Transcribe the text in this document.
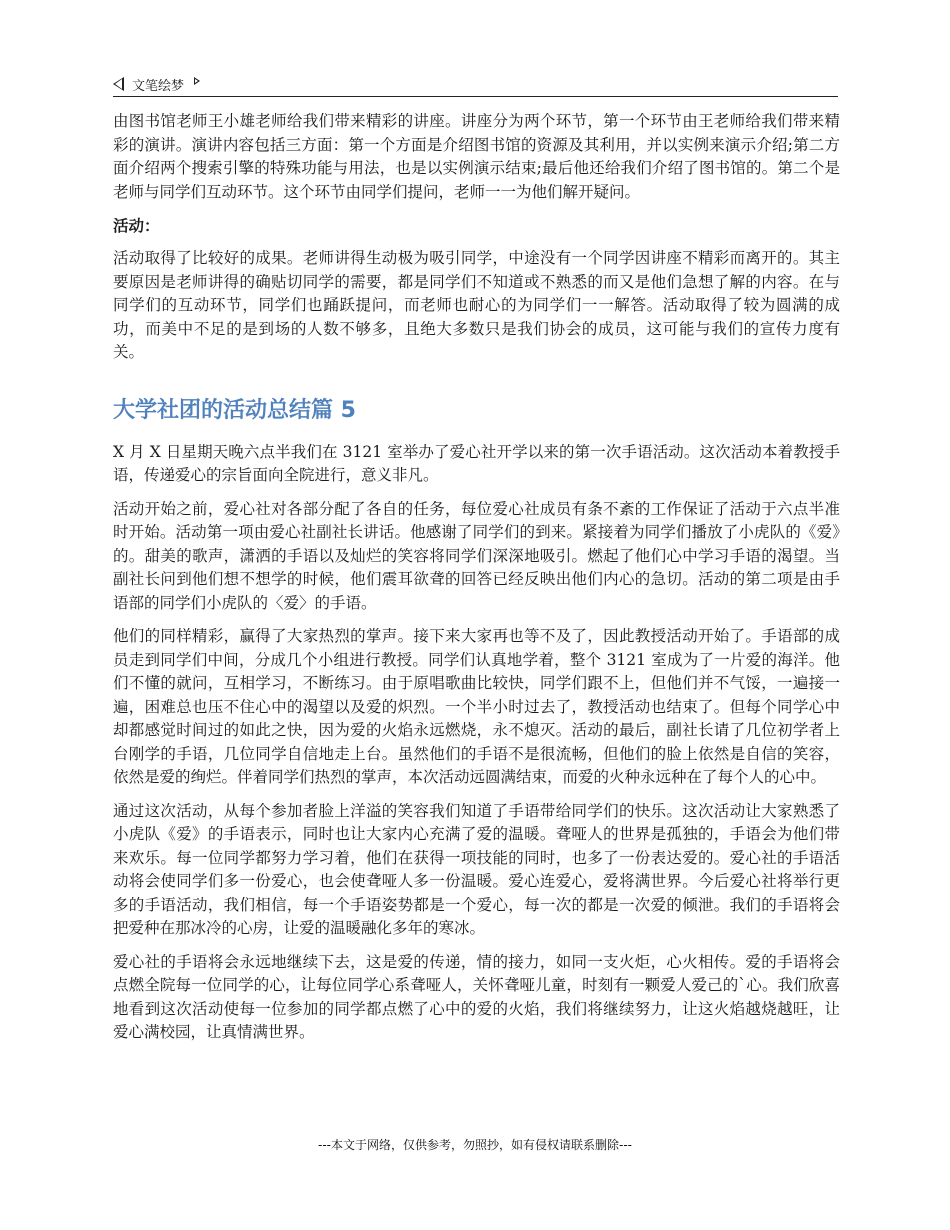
文笔绘梦

由图书馆老师王小雄老师给我们带来精彩的讲座。讲座分为两个环节，第一个环节由王老师给我们带来精彩的演讲。演讲内容包括三方面：第一个方面是介绍图书馆的资源及其利用，并以实例来演示介绍;第二方面介绍两个搜索引擎的特殊功能与用法，也是以实例演示结束;最后他还给我们介绍了图书馆的。第二个是老师与同学们互动环节。这个环节由同学们提问，老师一一为他们解开疑问。

活动：

活动取得了比较好的成果。老师讲得生动极为吸引同学，中途没有一个同学因讲座不精彩而离开的。其主要原因是老师讲得的确贴切同学的需要，都是同学们不知道或不熟悉的而又是他们急想了解的内容。在与同学们的互动环节，同学们也踊跃提问，而老师也耐心的为同学们一一解答。活动取得了较为圆满的成功，而美中不足的是到场的人数不够多，且绝大多数只是我们协会的成员，这可能与我们的宣传力度有关。

大学社团的活动总结篇 5

X 月 X 日星期天晚六点半我们在 3121 室举办了爱心社开学以来的第一次手语活动。这次活动本着教授手语，传递爱心的宗旨面向全院进行，意义非凡。

活动开始之前，爱心社对各部分配了各自的任务，每位爱心社成员有条不紊的工作保证了活动于六点半准时开始。活动第一项由爱心社副社长讲话。他感谢了同学们的到来。紧接着为同学们播放了小虎队的《爱》的。甜美的歌声，潇洒的手语以及灿烂的笑容将同学们深深地吸引。燃起了他们心中学习手语的渴望。当副社长问到他们想不想学的时候，他们震耳欲聋的回答已经反映出他们内心的急切。活动的第二项是由手语部的同学们小虎队的〈爱〉的手语。

他们的同样精彩，赢得了大家热烈的掌声。接下来大家再也等不及了，因此教授活动开始了。手语部的成员走到同学们中间，分成几个小组进行教授。同学们认真地学着，整个 3121 室成为了一片爱的海洋。他们不懂的就问，互相学习，不断练习。由于原唱歌曲比较快，同学们跟不上，但他们并不气馁，一遍接一遍，困难总也压不住心中的渴望以及爱的炽烈。一个半小时过去了，教授活动也结束了。但每个同学心中却都感觉时间过的如此之快，因为爱的火焰永远燃烧，永不熄灭。活动的最后，副社长请了几位初学者上台刚学的手语，几位同学自信地走上台。虽然他们的手语不是很流畅，但他们的脸上依然是自信的笑容，依然是爱的绚烂。伴着同学们热烈的掌声，本次活动远圆满结束，而爱的火种永远种在了每个人的心中。

通过这次活动，从每个参加者脸上洋溢的笑容我们知道了手语带给同学们的快乐。这次活动让大家熟悉了小虎队《爱》的手语表示，同时也让大家内心充满了爱的温暖。聋哑人的世界是孤独的，手语会为他们带来欢乐。每一位同学都努力学习着，他们在获得一项技能的同时，也多了一份表达爱的。爱心社的手语活动将会使同学们多一份爱心，也会使聋哑人多一份温暖。爱心连爱心，爱将满世界。今后爱心社将举行更多的手语活动，我们相信，每一个手语姿势都是一个爱心，每一次的都是一次爱的倾泄。我们的手语将会把爱种在那冰冷的心房，让爱的温暖融化多年的寒冰。

爱心社的手语将会永远地继续下去，这是爱的传递，情的接力，如同一支火炬，心火相传。爱的手语将会点燃全院每一位同学的心，让每位同学心系聋哑人，关怀聋哑儿童，时刻有一颗爱人爱己的`心。我们欣喜地看到这次活动使每一位参加的同学都点燃了心中的爱的火焰，我们将继续努力，让这火焰越烧越旺，让爱心满校园，让真情满世界。

---本文于网络，仅供参考，勿照抄，如有侵权请联系删除---
